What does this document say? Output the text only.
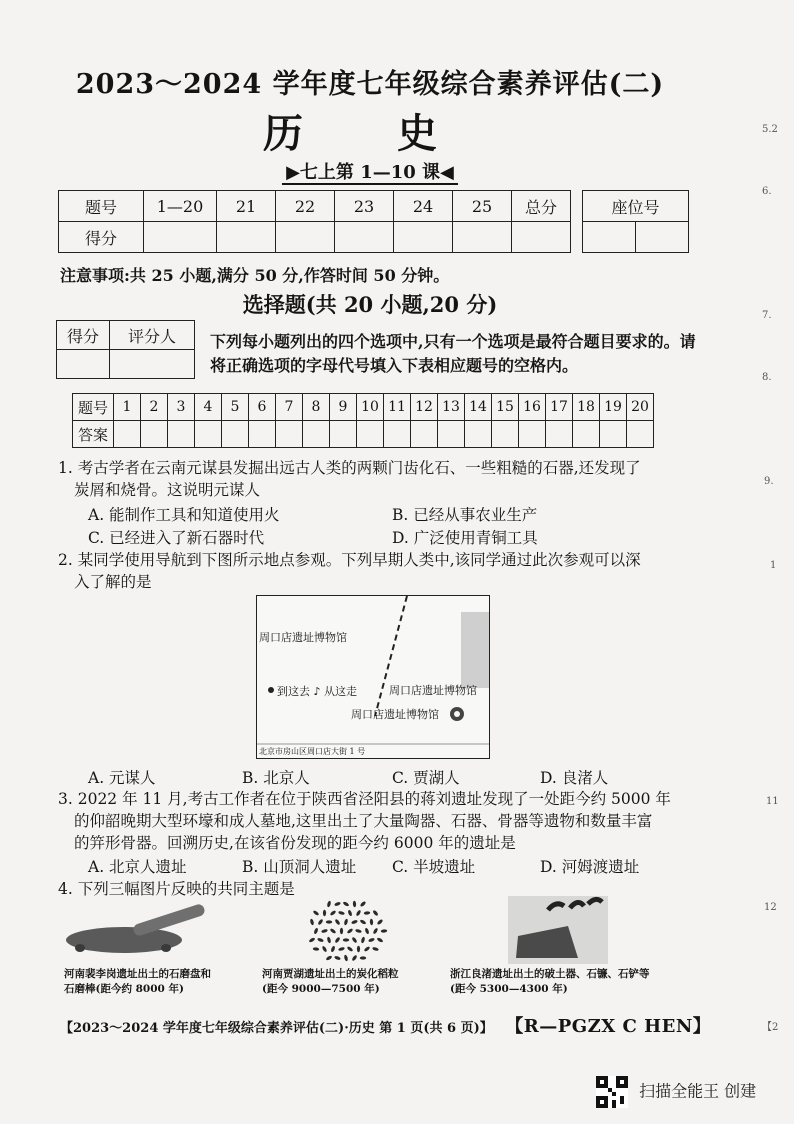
2023～2024 学年度七年级综合素养评估(二)
历 史
▶七上第 1—10 课◀
题号	1—20	21	22	23	24	25	总分
得分							
座位号

注意事项:共 25 小题,满分 50 分,作答时间 50 分钟。
选择题(共 20 小题,20 分)
得分	评分人
	下列每小题列出的四个选项中,只有一个选项是最符合题目要求的。请将正确选项的字母代号填入下表相应题号的空格内。
题号	1	2	3	4	5	6	7	8	9	10	11	12	13	14	15	16	17	18	19	20
答案																				
1. 考古学者在云南元谋县发掘出远古人类的两颗门齿化石、一些粗糙的石器,还发现了
炭屑和烧骨。这说明元谋人
A. 能制作工具和知道使用火	B. 已经从事农业生产
C. 已经进入了新石器时代	D. 广泛使用青铜工具
2. 某同学使用导航到下图所示地点参观。下列早期人类中,该同学通过此次参观可以深
入了解的是
周口店遗址博物馆
到这去 ♪ 从这走	周口店遗址博物馆
周口店遗址博物馆
北京市房山区周口店大街 1 号
A. 元谋人	B. 北京人	C. 贾湖人	D. 良渚人
3. 2022 年 11 月,考古工作者在位于陕西省泾阳县的蒋刘遗址发现了一处距今约 5000 年
的仰韶晚期大型环壕和成人墓地,这里出土了大量陶器、石器、骨器等遗物和数量丰富
的笄形骨器。回溯历史,在该省份发现的距今约 6000 年的遗址是
A. 北京人遗址	B. 山顶洞人遗址 C. 半坡遗址	D. 河姆渡遗址
4. 下列三幅图片反映的共同主题是
河南裴李岗遗址出土的石磨盘和
石磨棒(距今约 8000 年)
河南贾湖遗址出土的炭化稻粒
(距今 9000—7500 年)
浙江良渚遗址出土的破土器、石镰、石铲等
(距今 5300—4300 年)
【2023～2024 学年度七年级综合素养评估(二)·历史 第 1 页(共 6 页)】 【R—PGZX C HEN】
扫描全能王 创建
5.2
6.
7.
8.
9.
1
11
12
【2
